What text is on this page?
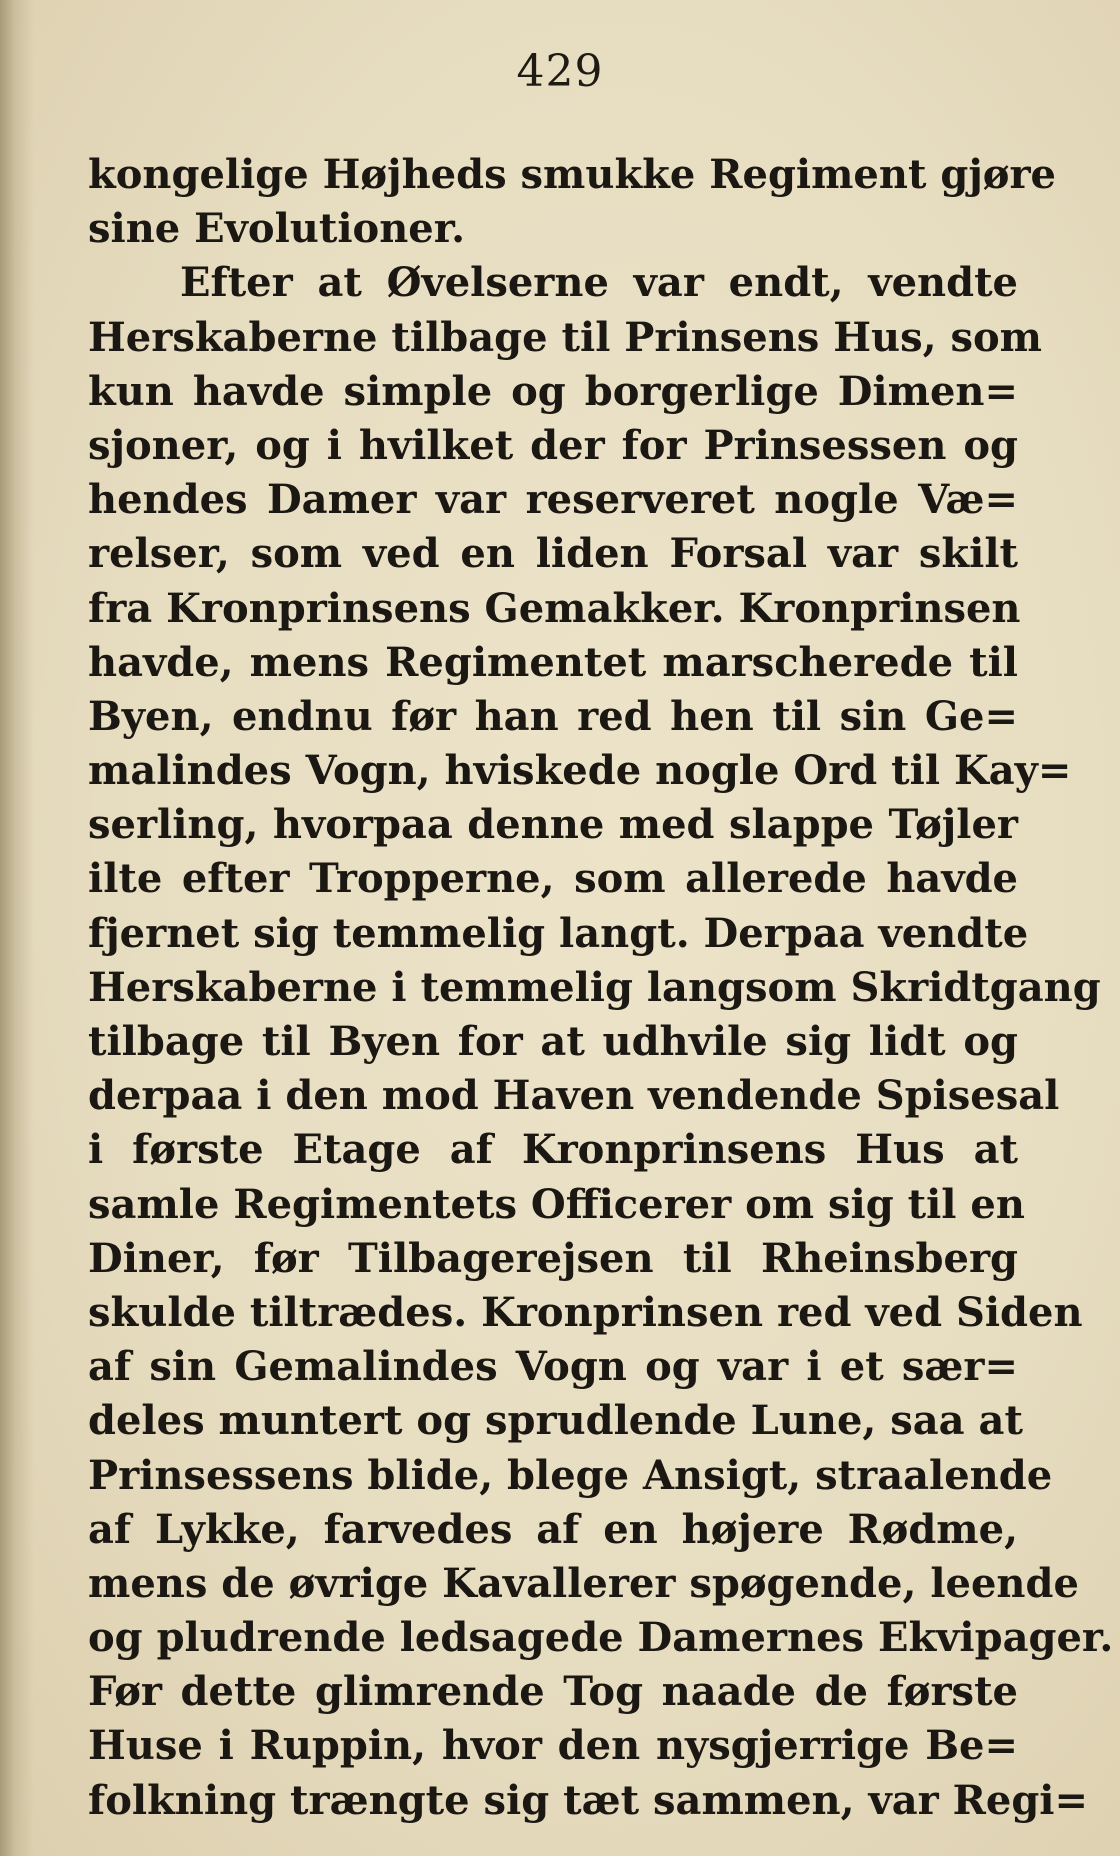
429
kongelige Højheds smukke Regiment gjøre
sine Evolutioner.
Efter at Øvelserne var endt, vendte
Herskaberne tilbage til Prinsens Hus, som
kun havde simple og borgerlige Dimen=
sjoner, og i hvilket der for Prinsessen og
hendes Damer var reserveret nogle Væ=
relser, som ved en liden Forsal var skilt
fra Kronprinsens Gemakker. Kronprinsen
havde, mens Regimentet marscherede til
Byen, endnu før han red hen til sin Ge=
malindes Vogn, hviskede nogle Ord til Kay=
serling, hvorpaa denne med slappe Tøjler
ilte efter Tropperne, som allerede havde
fjernet sig temmelig langt. Derpaa vendte
Herskaberne i temmelig langsom Skridtgang
tilbage til Byen for at udhvile sig lidt og
derpaa i den mod Haven vendende Spisesal
i første Etage af Kronprinsens Hus at
samle Regimentets Officerer om sig til en
Diner, før Tilbagerejsen til Rheinsberg
skulde tiltrædes. Kronprinsen red ved Siden
af sin Gemalindes Vogn og var i et sær=
deles muntert og sprudlende Lune, saa at
Prinsessens blide, blege Ansigt, straalende
af Lykke, farvedes af en højere Rødme,
mens de øvrige Kavallerer spøgende, leende
og pludrende ledsagede Damernes Ekvipager.
Før dette glimrende Tog naade de første
Huse i Ruppin, hvor den nysgjerrige Be=
folkning trængte sig tæt sammen, var Regi=
